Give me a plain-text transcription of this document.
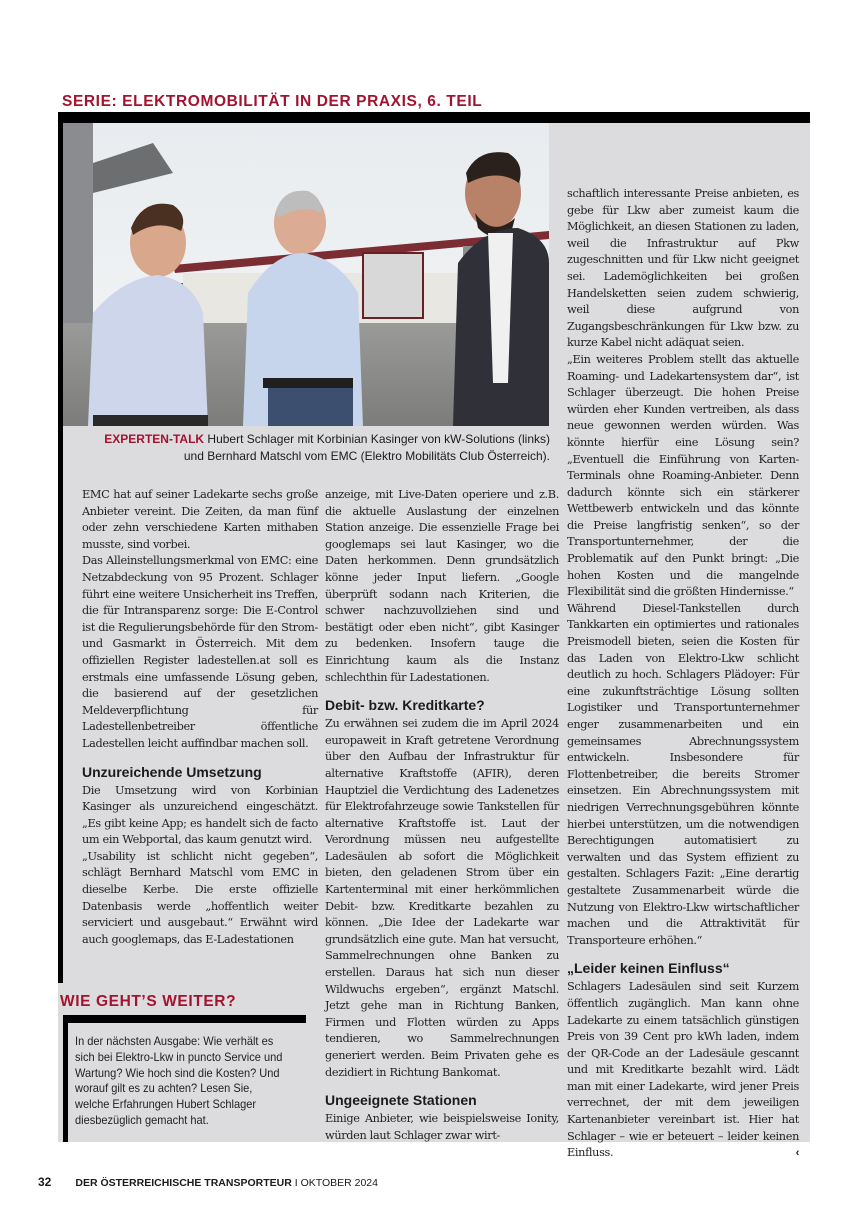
SERIE: ELEKTROMOBILITÄT IN DER PRAXIS, 6. TEIL
EXPERTEN-TALK Hubert Schlager mit Korbinian Kasinger von kW-Solutions (links) und Bernhard Matschl vom EMC (Elektro Mobilitäts Club Österreich).

EMC hat auf seiner Ladekarte sechs große Anbieter vereint. Die Zeiten, da man fünf oder zehn verschiedene Karten mithaben musste, sind vorbei.

Das Alleinstellungsmerkmal von EMC: eine Netzabdeckung von 95 Prozent. Schlager führt eine weitere Unsicherheit ins Treffen, die für Intransparenz sorge: Die E-Control ist die Regulierungsbehörde für den Strom- und Gasmarkt in Österreich. Mit dem offiziellen Register ladestellen.at soll es erstmals eine umfassende Lösung geben, die basierend auf der gesetzlichen Meldeverpflichtung für Ladestellenbetreiber öffentliche Ladestellen leicht auffindbar machen soll.

Unzureichende Umsetzung

Die Umsetzung wird von Korbinian Kasinger als unzureichend eingeschätzt. „Es gibt keine App; es handelt sich de facto um ein Webportal, das kaum genutzt wird.

„Usability ist schlicht nicht gegeben“, schlägt Bernhard Matschl vom EMC in dieselbe Kerbe. Die erste offizielle Datenbasis werde „hoffentlich weiter serviciert und ausgebaut.“ Erwähnt wird auch googlemaps, das E-Ladestationen

anzeige, mit Live-Daten operiere und z.B. die aktuelle Auslastung der einzelnen Station anzeige. Die essenzielle Frage bei googlemaps sei laut Kasinger, wo die Daten herkommen. Denn grundsätzlich könne jeder Input liefern. „Google überprüft sodann nach Kriterien, die schwer nachzuvollziehen sind und bestätigt oder eben nicht“, gibt Kasinger zu bedenken. Insofern tauge die Einrichtung kaum als die Instanz schlechthin für Ladestationen.

Debit- bzw. Kreditkarte?

Zu erwähnen sei zudem die im April 2024 europaweit in Kraft getretene Verordnung über den Aufbau der Infrastruktur für alternative Kraftstoffe (AFIR), deren Hauptziel die Verdichtung des Ladenetzes für Elektrofahrzeuge sowie Tankstellen für alternative Kraftstoffe ist. Laut der Verordnung müssen neu aufgestellte Ladesäulen ab sofort die Möglichkeit bieten, den geladenen Strom über ein Kartenterminal mit einer herkömmlichen Debit- bzw. Kreditkarte bezahlen zu können. „Die Idee der Ladekarte war grundsätzlich eine gute. Man hat versucht, Sammelrechnungen ohne Banken zu erstellen. Daraus hat sich nun dieser Wildwuchs ergeben“, ergänzt Matschl. Jetzt gehe man in Richtung Banken, Firmen und Flotten würden zu Apps tendieren, wo Sammelrechnungen generiert werden. Beim Privaten gehe es dezidiert in Richtung Bankomat.

Ungeeignete Stationen

Einige Anbieter, wie beispielsweise Ionity, würden laut Schlager zwar wirt-

schaftlich interessante Preise anbieten, es gebe für Lkw aber zumeist kaum die Möglichkeit, an diesen Stationen zu laden, weil die Infrastruktur auf Pkw zugeschnitten und für Lkw nicht geeignet sei. Lademöglichkeiten bei großen Handelsketten seien zudem schwierig, weil diese aufgrund von Zugangsbeschränkungen für Lkw bzw. zu kurze Kabel nicht adäquat seien.

„Ein weiteres Problem stellt das aktuelle Roaming- und Ladekartensystem dar“, ist Schlager überzeugt. Die hohen Preise würden eher Kunden vertreiben, als dass neue gewonnen werden würden. Was könnte hierfür eine Lösung sein? „Eventuell die Einführung von Karten-Terminals ohne Roaming-Anbieter. Denn dadurch könnte sich ein stärkerer Wettbewerb entwickeln und das könnte die Preise langfristig senken“, so der Transportunternehmer, der die Problematik auf den Punkt bringt: „Die hohen Kosten und die mangelnde Flexibilität sind die größten Hindernisse.“

Während Diesel-Tankstellen durch Tankkarten ein optimiertes und rationales Preismodell bieten, seien die Kosten für das Laden von Elektro-Lkw schlicht deutlich zu hoch. Schlagers Plädoyer: Für eine zukunftsträchtige Lösung sollten Logistiker und Transportunternehmer enger zusammenarbeiten und ein gemeinsames Abrechnungssystem entwickeln. Insbesondere für Flottenbetreiber, die bereits Stromer einsetzen. Ein Abrechnungssystem mit niedrigen Verrechnungsgebühren könnte hierbei unterstützen, um die notwendigen Berechtigungen automatisiert zu verwalten und das System effizient zu gestalten. Schlagers Fazit: „Eine derartig gestaltete Zusammenarbeit würde die Nutzung von Elektro-Lkw wirtschaftlicher machen und die Attraktivität für Transporteure erhöhen.“

„Leider keinen Einfluss“

Schlagers Ladesäulen sind seit Kurzem öffentlich zugänglich. Man kann ohne Ladekarte zu einem tatsächlich günstigen Preis von 39 Cent pro kWh laden, indem der QR-Code an der Ladesäule gescannt und mit Kreditkarte bezahlt wird. Lädt man mit einer Ladekarte, wird jener Preis verrechnet, der mit dem jeweiligen Kartenanbieter vereinbart ist. Hier hat Schlager – wie er beteuert – leider keinen Einfluss.	‹

WIE GEHT’S WEITER?

In der nächsten Ausgabe: Wie verhält es sich bei Elektro-Lkw in puncto Service und Wartung? Wie hoch sind die Kosten? Und worauf gilt es zu achten? Lesen Sie, welche Erfahrungen Hubert Schlager diesbezüglich gemacht hat.

32 DER ÖSTERREICHISCHE TRANSPORTEUR I OKTOBER 2024
